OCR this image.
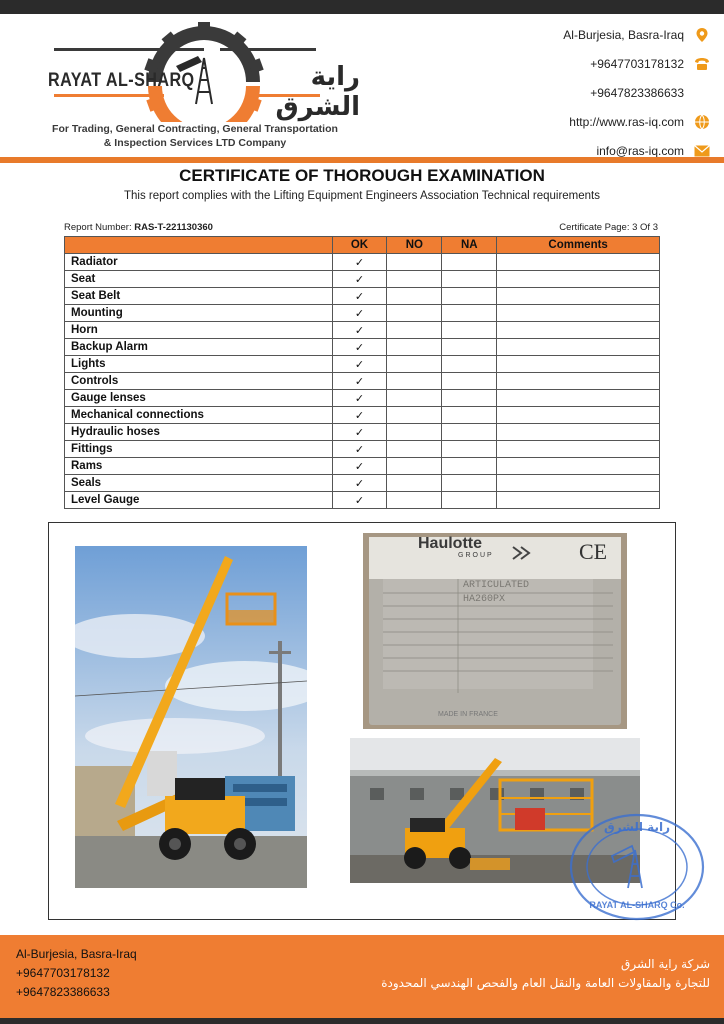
RAYAT AL-SHARQ	راية الشرق
For Trading, General Contracting, General Transportation
& Inspection Services LTD Company
Al-Burjesia, Basra-Iraq
+9647703178132
+9647823386633
http://www.ras-iq.com
info@ras-iq.com
CERTIFICATE OF THOROUGH EXAMINATION
This report complies with the Lifting Equipment Engineers Association Technical requirements
Report Number: RAS-T-221130360	Certificate Page: 3 Of 3
	OK	NO	NA	Comments
Radiator	✓			
Seat	✓			
Seat Belt	✓			
Mounting	✓			
Horn	✓			
Backup Alarm	✓			
Lights	✓			
Controls	✓			
Gauge lenses	✓			
Mechanical connections	✓			
Hydraulic hoses	✓			
Fittings	✓			
Rams	✓			
Seals	✓			
Level Gauge	✓			
Haulotte
GROUP	CE
ARTICULATED
HA260PX
MADE IN FRANCE
راية الشرق
RAYAT AL-SHARQ Co.
Al-Burjesia, Basra-Iraq
+9647703178132
+9647823386633
شركة راية الشرق
للتجارة والمقاولات العامة والنقل العام والفحص الهندسي المحدودة
